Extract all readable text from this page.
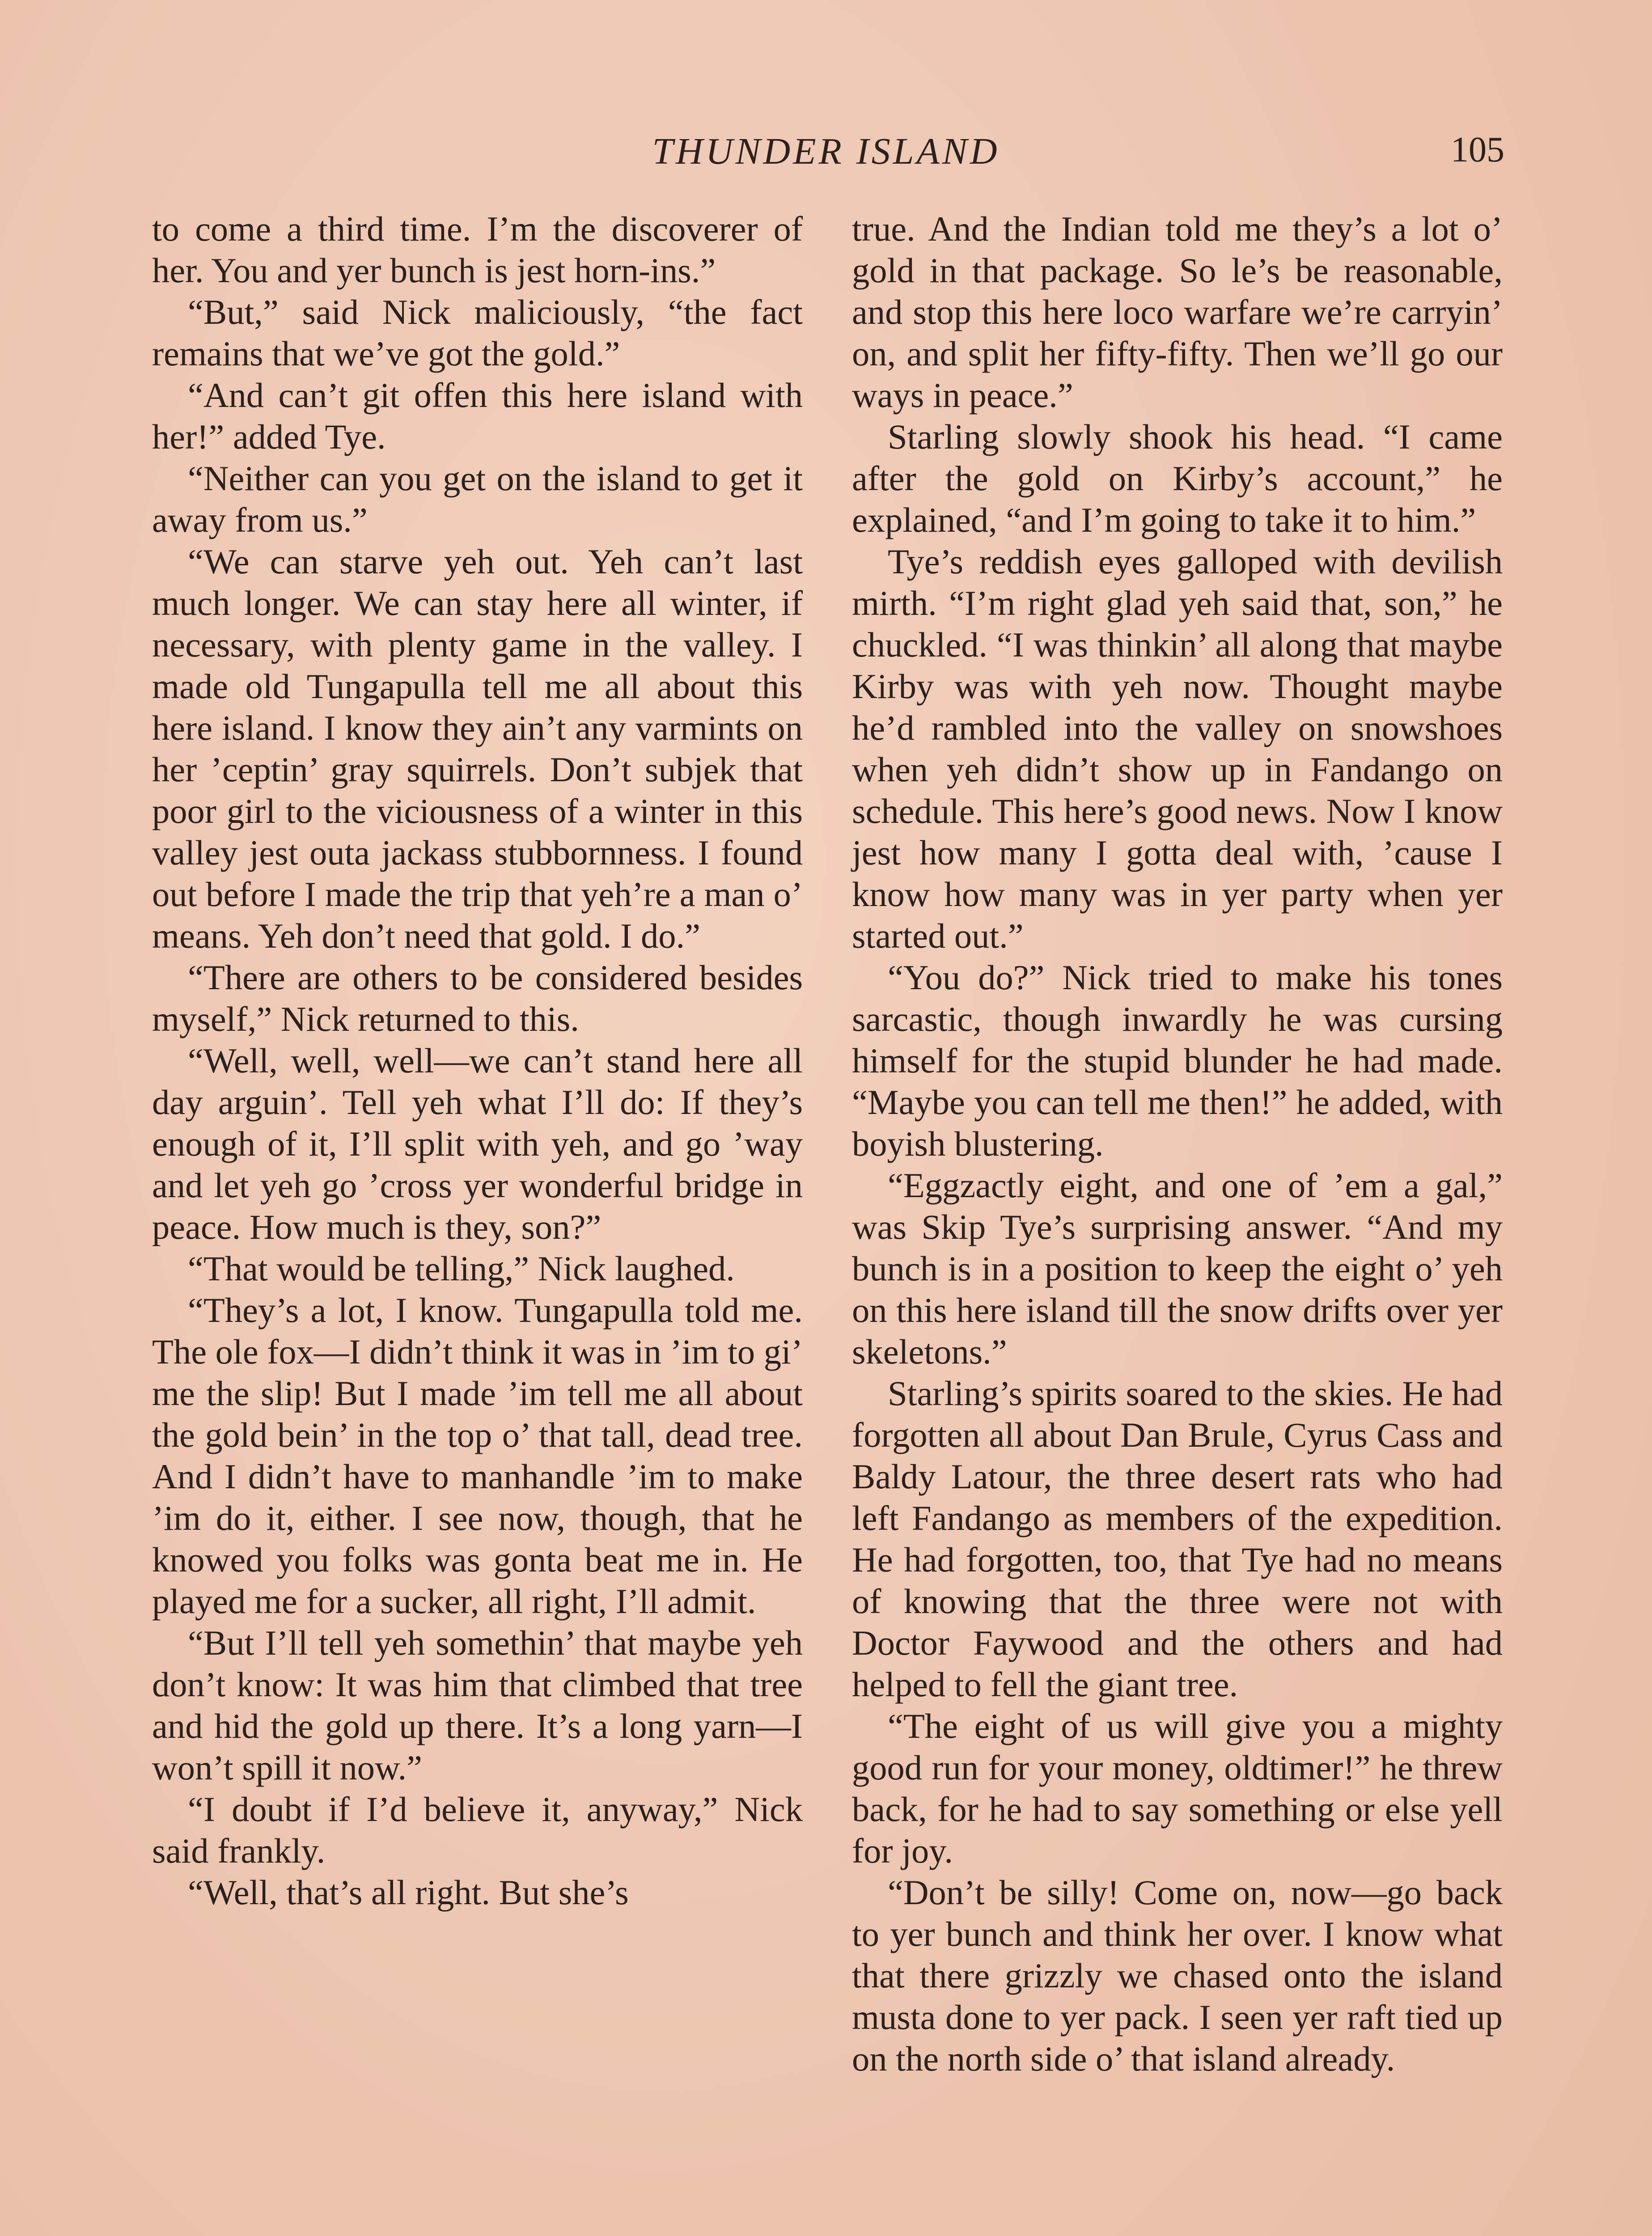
THUNDER ISLAND	105

to come a third time. I’m the discoverer of her. You and yer bunch is jest horn-ins.”

“But,” said Nick maliciously, “the fact remains that we’ve got the gold.”

“And can’t git offen this here island with her!” added Tye.

“Neither can you get on the island to get it away from us.”

“We can starve yeh out. Yeh can’t last much longer. We can stay here all winter, if necessary, with plenty game in the valley. I made old Tungapulla tell me all about this here island. I know they ain’t any varmints on her ’ceptin’ gray squirrels. Don’t subjek that poor girl to the viciousness of a winter in this valley jest outa jackass stubbornness. I found out before I made the trip that yeh’re a man o’ means. Yeh don’t need that gold. I do.”

“There are others to be considered besides myself,” Nick returned to this.

“Well, well, well—we can’t stand here all day arguin’. Tell yeh what I’ll do: If they’s enough of it, I’ll split with yeh, and go ’way and let yeh go ’cross yer wonderful bridge in peace. How much is they, son?”

“That would be telling,” Nick laughed.

“They’s a lot, I know. Tungapulla told me. The ole fox—I didn’t think it was in ’im to gi’ me the slip! But I made ’im tell me all about the gold bein’ in the top o’ that tall, dead tree. And I didn’t have to manhandle ’im to make ’im do it, either. I see now, though, that he knowed you folks was gonta beat me in. He played me for a sucker, all right, I’ll admit.

“But I’ll tell yeh somethin’ that maybe yeh don’t know: It was him that climbed that tree and hid the gold up there. It’s a long yarn—I won’t spill it now.”

“I doubt if I’d believe it, anyway,” Nick said frankly.

“Well, that’s all right. But she’s

true. And the Indian told me they’s a lot o’ gold in that package. So le’s be reasonable, and stop this here loco warfare we’re carryin’ on, and split her fifty-fifty. Then we’ll go our ways in peace.”

Starling slowly shook his head. “I came after the gold on Kirby’s account,” he explained, “and I’m going to take it to him.”

Tye’s reddish eyes galloped with devilish mirth. “I’m right glad yeh said that, son,” he chuckled. “I was thinkin’ all along that maybe Kirby was with yeh now. Thought maybe he’d rambled into the valley on snowshoes when yeh didn’t show up in Fandango on schedule. This here’s good news. Now I know jest how many I gotta deal with, ’cause I know how many was in yer party when yer started out.”

“You do?” Nick tried to make his tones sarcastic, though inwardly he was cursing himself for the stupid blunder he had made. “Maybe you can tell me then!” he added, with boyish blustering.

“Eggzactly eight, and one of ’em a gal,” was Skip Tye’s surprising answer. “And my bunch is in a position to keep the eight o’ yeh on this here island till the snow drifts over yer skeletons.”

Starling’s spirits soared to the skies. He had forgotten all about Dan Brule, Cyrus Cass and Baldy Latour, the three desert rats who had left Fandango as members of the expedition. He had forgotten, too, that Tye had no means of knowing that the three were not with Doctor Faywood and the others and had helped to fell the giant tree.

“The eight of us will give you a mighty good run for your money, oldtimer!” he threw back, for he had to say something or else yell for joy.

“Don’t be silly! Come on, now—go back to yer bunch and think her over. I know what that there grizzly we chased onto the island musta done to yer pack. I seen yer raft tied up on the north side o’ that island already.
